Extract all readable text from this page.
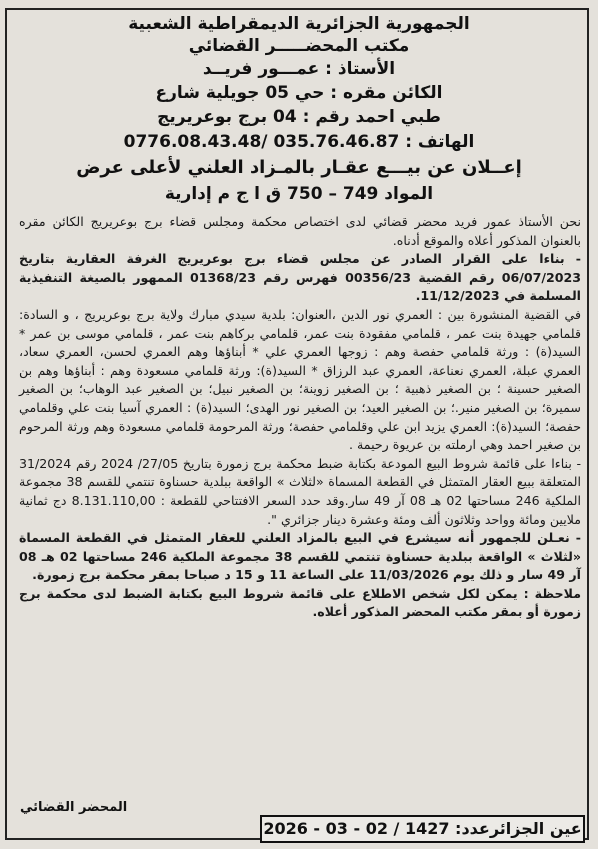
الجمهورية الجزائرية الديمقراطية الشعبية
مكتب المحضـــــر القضائي
الأستاذ : عمـــور فريــد
الكائن مقره : حي 05 جويلية شارع
طبي احمد رقم : 04 برج بوعريريج
الهاتف : 035.76.46.87 /0776.08.43.48
إعــلان عن بيـــع عقـار بالمـزاد العلني لأعلى عرض
المواد 749 – 750 ق ا ج م إدارية

نحن الأستاذ عمور فريد محضر قضائي لدى اختصاص محكمة ومجلس قضاء برج بوعريريج الكائن مقره بالعنوان المذكور أعلاه والموقع أدناه.

- بناءا على القرار الصادر عن مجلس قضاء برج بوعريريج الغرفة العقارية بتاريخ 06/07/2023 رقم القضية 00356/23 فهرس رقم 01368/23 الممهور بالصيغة التنفيذية المسلمة في 11/12/2023.

في القضية المنشورة بين : العمري نور الدين ،العنوان: بلدية سيدي مبارك ولاية برج بوعريريج ، و السادة: قلمامي جهيدة بنت عمر ، قلمامي مفقودة بنت عمر، قلمامي بركاهم بنت عمر ، قلمامي موسى بن عمر * السيد(ة) : ورثة قلمامي حفصة وهم : زوجها العمري علي * أبناؤها وهم العمري لحسن، العمري سعاد، العمري عبلة، العمري نعناعة، العمري عبد الرزاق * السيد(ة): ورثة قلمامي مسعودة وهم : أبناؤها وهم بن الصغير حسينة ؛ بن الصغير ذهبية ؛ بن الصغير زوينة؛ بن الصغير نبيل؛ بن الصغير عبد الوهاب؛ بن الصغير سميرة؛ بن الصغير منير.؛ بن الصغير العيد؛ بن الصغير نور الهدى؛ السيد(ة) : العمري آسيا بنت علي وقلمامي حفصة؛ السيد(ة): العمري يزيد ابن علي وقلمامي حفصة؛ ورثة المرحومة قلمامي مسعودة وهم ورثة المرحوم بن صغير احمد وهي ارملته بن عريوة رحيمة .

- بناءا على قائمة شروط البيع المودعة بكتابة ضبط محكمة برج زمورة بتاريخ 27/05/ 2024 رقم 31/2024 المتعلقة ببيع العقار المتمثل في القطعة المسماة «لثلاث » الواقعة ببلدية حسناوة تنتمي للقسم 38 مجموعة الملكية 246 مساحتها 02 هـ 08 آر 49 سار.وقد حدد السعر الافتتاحي للقطعة : 8.131.110,00 دج ثمانية ملايين ومائة وواحد وثلاثون ألف ومئة وعشرة دينار جزائري ".

- نعـلن للجمهور أنه سيشرع في البيع بالمزاد العلني للعقار المتمثل في القطعة المسماة «لثلاث » الواقعة ببلدية حسناوة تنتمي للقسم 38 مجموعة الملكية 246 مساحتها 02 هـ 08 آر 49 سار و ذلك يوم 11/03/2026 على الساعة 11 و 15 د صباحا بمقر محكمة برج زمورة.

ملاحظة : يمكن لكل شخص الاطلاع على قائمة شروط البيع بكتابة الضبط لدى محكمة برج زمورة أو بمقر مكتب المحضر المذكور أعلاه.

المحضر القضائي
عين الجزائرعدد: 1427 / 02 - 03 - 2026
